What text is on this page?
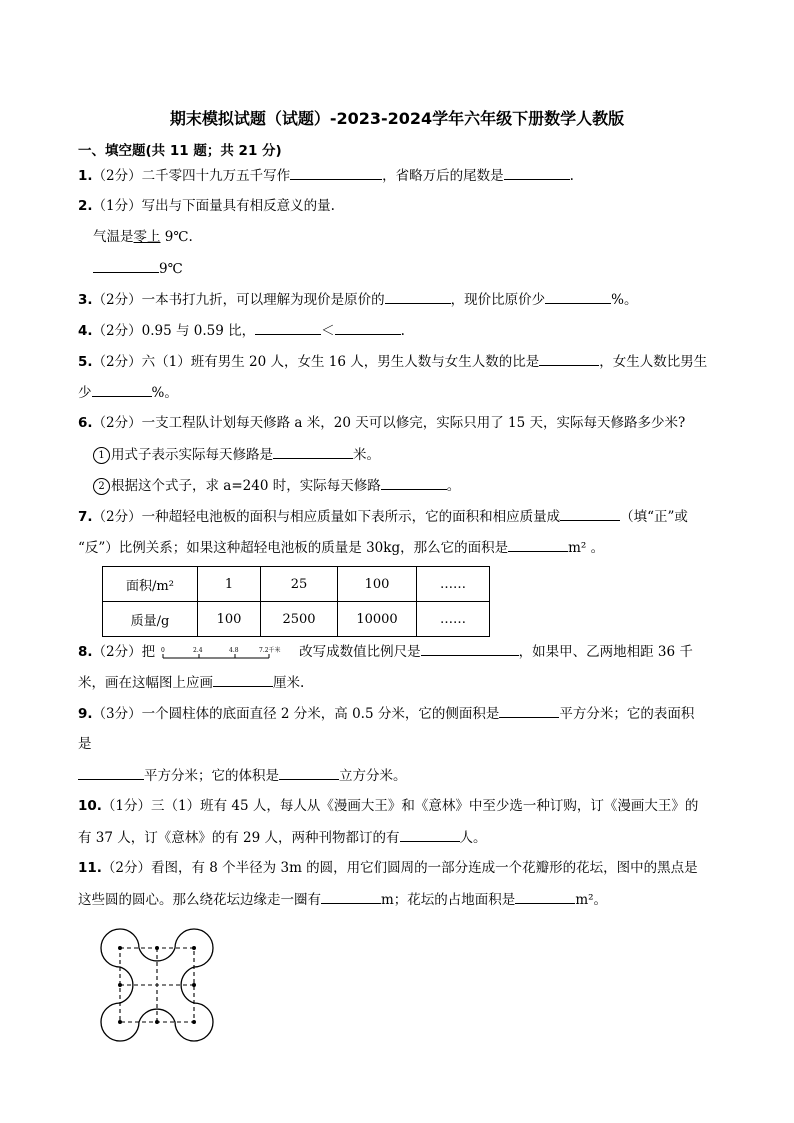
期末模拟试题（试题）-2023-2024学年六年级下册数学人教版
一、填空题(共 11 题；共 21 分)
1.（2分）二千零四十九万五千写作	，省略万后的尾数是	.
2.（1分）写出与下面量具有相反意义的量.
气温是零上 9℃.
9℃
3.（2分）一本书打九折，可以理解为现价是原价的	，现价比原价少	%。
4.（2分）0.95 与 0.59 比，	＜	.
5.（2分）六（1）班有男生 20 人，女生 16 人，男生人数与女生人数的比是	，女生人数比男生
少	%。
6.（2分）一支工程队计划每天修路 a 米，20 天可以修完，实际只用了 15 天，实际每天修路多少米?
1 用式子表示实际每天修路是	米。
2 根据这个式子，求 a=240 时，实际每天修路	。
7.（2分）一种超轻电池板的面积与相应质量如下表所示，它的面积和相应质量成	（填“正”或
“反”）比例关系；如果这种超轻电池板的质量是 30kg，那么它的面积是	m² 。
面积/m²	1	25	100	……
质量/g	100	2500	10000	……
8.（2分）把 0	2.4	4.8	7.2千米 改写成数值比例尺是	，如果甲、乙两地相距 36 千
米，画在这幅图上应画	厘米.
9.（3分）一个圆柱体的底面直径 2 分米，高 0.5 分米，它的侧面积是	平方分米；它的表面积
是
平方分米；它的体积是	立方分米。
10.（1分）三（1）班有 45 人，每人从《漫画大王》和《意林》中至少选一种订购，订《漫画大王》的
有 37 人，订《意林》的有 29 人，两种刊物都订的有	人。
11.（2分）看图，有 8 个半径为 3m 的圆，用它们圆周的一部分连成一个花瓣形的花坛，图中的黑点是
这些圆的圆心。那么绕花坛边缘走一圈有	m；花坛的占地面积是	m²。
